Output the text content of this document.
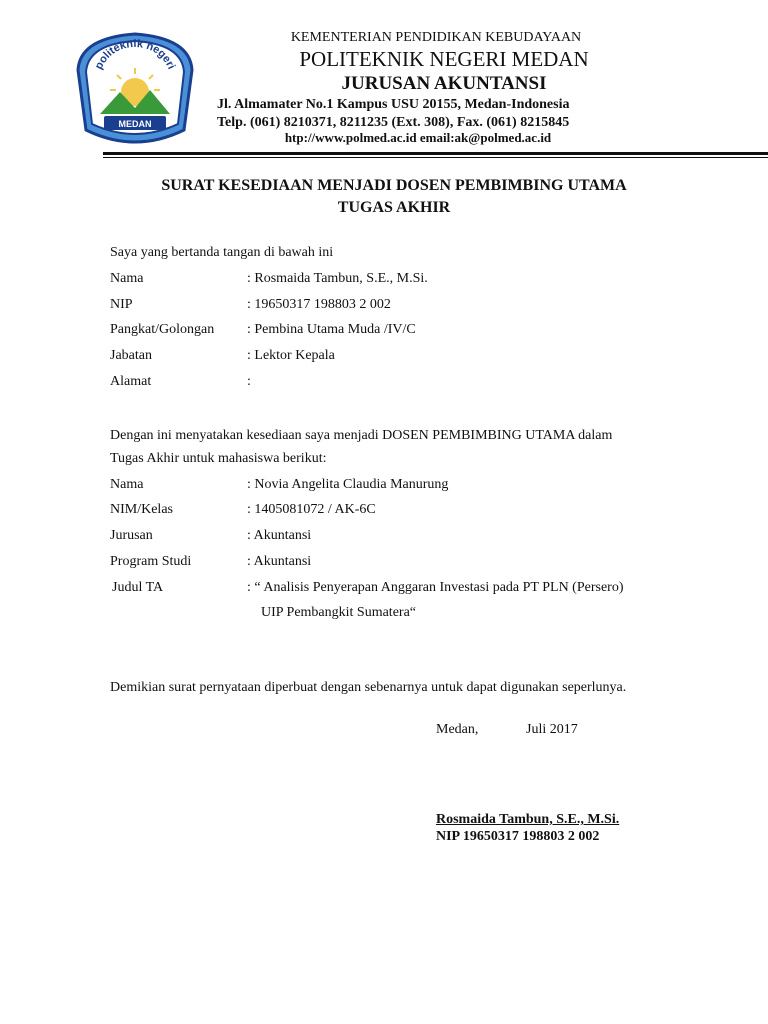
politeknik negeri
MEDAN
KEMENTERIAN PENDIDIKAN KEBUDAYAAN
POLITEKNIK NEGERI MEDAN
JURUSAN AKUNTANSI
Jl. Almamater No.1 Kampus USU 20155, Medan-Indonesia
Telp. (061) 8210371, 8211235 (Ext. 308), Fax. (061) 8215845
htp://www.polmed.ac.id email:ak@polmed.ac.id
SURAT KESEDIAAN MENJADI DOSEN PEMBIMBING UTAMA
TUGAS AKHIR
Saya yang bertanda tangan di bawah ini
Nama	: Rosmaida Tambun, S.E., M.Si.
NIP	: 19650317 198803 2 002
Pangkat/Golongan : Pembina Utama Muda /IV/C
Jabatan	: Lektor Kepala
Alamat	:
Dengan ini menyatakan kesediaan saya menjadi DOSEN PEMBIMBING UTAMA dalam
Tugas Akhir untuk mahasiswa berikut:
Nama	: Novia Angelita Claudia Manurung
NIM/Kelas	: 1405081072 / AK-6C
Jurusan	: Akuntansi
Program Studi	: Akuntansi
Judul TA	: “ Analisis Penyerapan Anggaran Investasi pada PT PLN (Persero)
UIP Pembangkit Sumatera“
Demikian surat pernyataan diperbuat dengan sebenarnya untuk dapat digunakan seperlunya.
Medan,	Juli 2017
Rosmaida Tambun, S.E., M.Si.
NIP 19650317 198803 2 002
